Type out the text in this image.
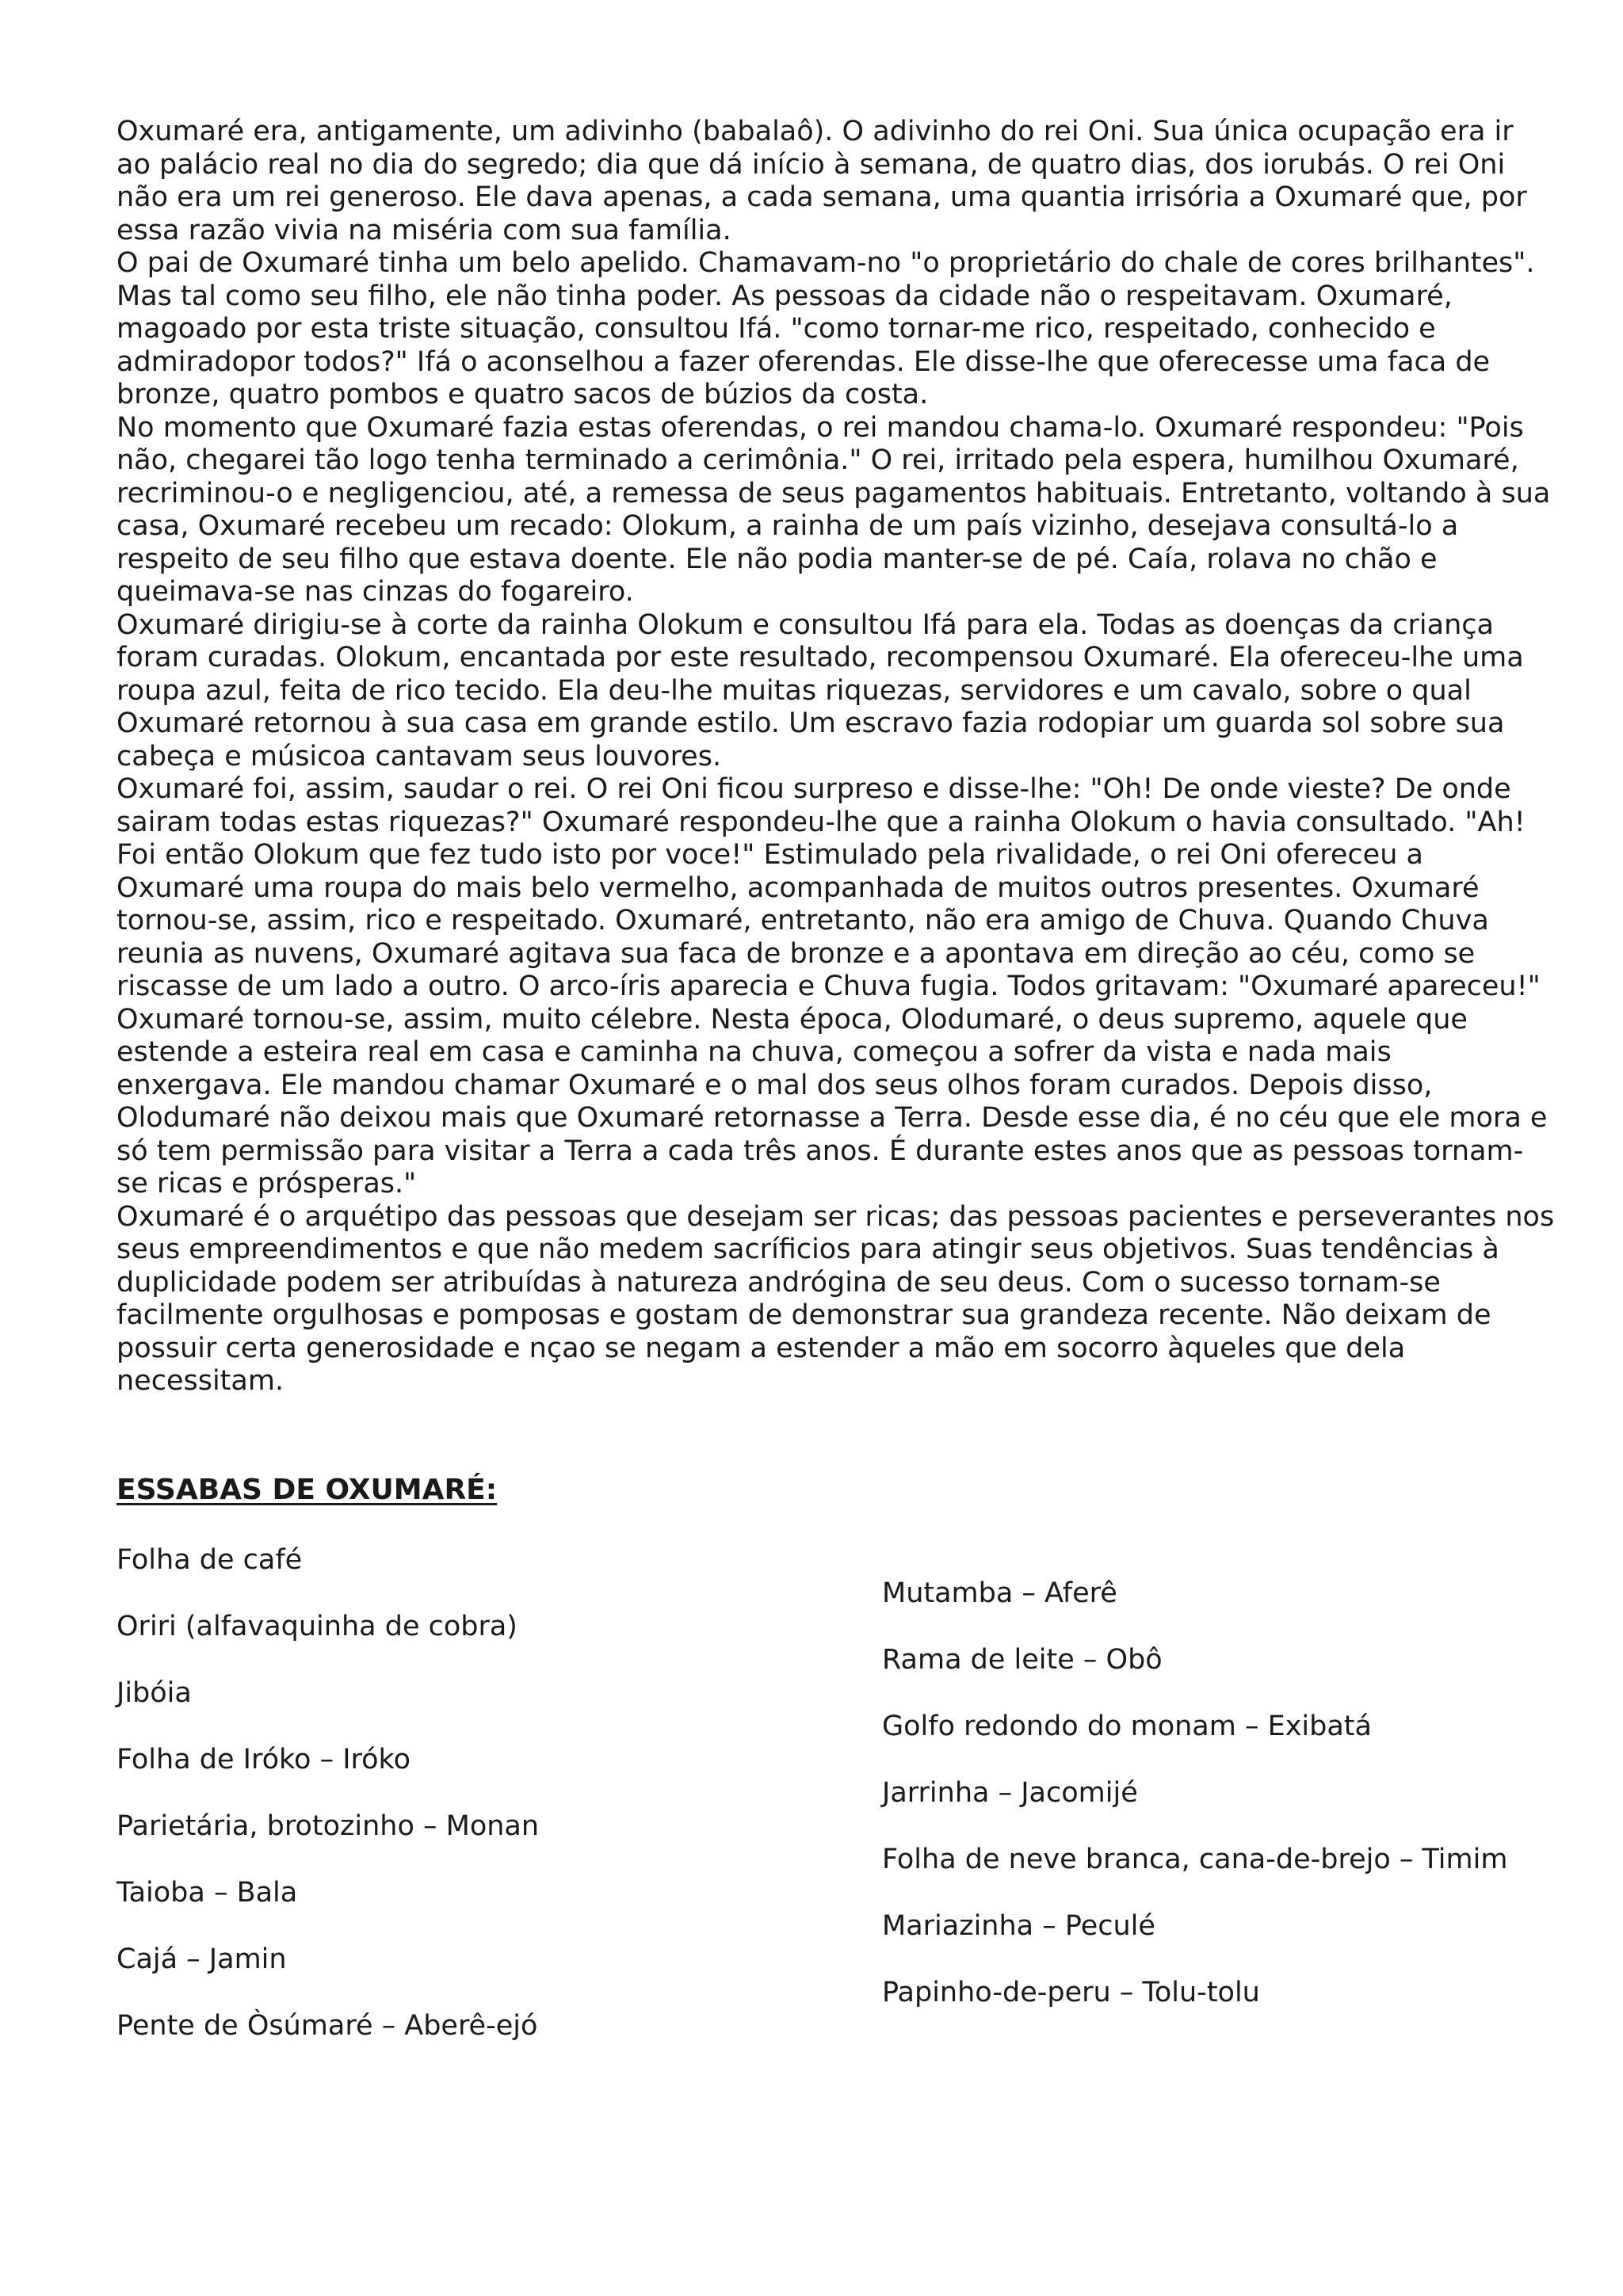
Oxumaré era, antigamente, um adivinho (babalaô). O adivinho do rei Oni. Sua única ocupação era ir ao palácio real no dia do segredo; dia que dá início à semana, de quatro dias, dos iorubás. O rei Oni não era um rei generoso. Ele dava apenas, a cada semana, uma quantia irrisória a Oxumaré que, por essa razão vivia na miséria com sua família.
O pai de Oxumaré tinha um belo apelido. Chamavam-no "o proprietário do chale de cores brilhantes". Mas tal como seu filho, ele não tinha poder. As pessoas da cidade não o respeitavam. Oxumaré, magoado por esta triste situação, consultou Ifá. "como tornar-me rico, respeitado, conhecido e admiradopor todos?" Ifá o aconselhou a fazer oferendas. Ele disse-lhe que oferecesse uma faca de bronze, quatro pombos e quatro sacos de búzios da costa.
No momento que Oxumaré fazia estas oferendas, o rei mandou chama-lo. Oxumaré respondeu: "Pois não, chegarei tão logo tenha terminado a cerimônia." O rei, irritado pela espera, humilhou Oxumaré, recriminou-o e negligenciou, até, a remessa de seus pagamentos habituais. Entretanto, voltando à sua casa, Oxumaré recebeu um recado: Olokum, a rainha de um país vizinho, desejava consultá-lo a respeito de seu filho que estava doente. Ele não podia manter-se de pé. Caía, rolava no chão e queimava-se nas cinzas do fogareiro.
Oxumaré dirigiu-se à corte da rainha Olokum e consultou Ifá para ela. Todas as doenças da criança foram curadas. Olokum, encantada por este resultado, recompensou Oxumaré. Ela ofereceu-lhe uma roupa azul, feita de rico tecido. Ela deu-lhe muitas riquezas, servidores e um cavalo, sobre o qual Oxumaré retornou à sua casa em grande estilo. Um escravo fazia rodopiar um guarda sol sobre sua cabeça e músicoa cantavam seus louvores.
Oxumaré foi, assim, saudar o rei. O rei Oni ficou surpreso e disse-lhe: "Oh! De onde vieste? De onde sairam todas estas riquezas?" Oxumaré respondeu-lhe que a rainha Olokum o havia consultado. "Ah! Foi então Olokum que fez tudo isto por voce!" Estimulado pela rivalidade, o rei Oni ofereceu a Oxumaré uma roupa do mais belo vermelho, acompanhada de muitos outros presentes. Oxumaré tornou-se, assim, rico e respeitado. Oxumaré, entretanto, não era amigo de Chuva. Quando Chuva reunia as nuvens, Oxumaré agitava sua faca de bronze e a apontava em direção ao céu, como se riscasse de um lado a outro. O arco-íris aparecia e Chuva fugia. Todos gritavam: "Oxumaré apareceu!" Oxumaré tornou-se, assim, muito célebre. Nesta época, Olodumaré, o deus supremo, aquele que estende a esteira real em casa e caminha na chuva, começou a sofrer da vista e nada mais enxergava. Ele mandou chamar Oxumaré e o mal dos seus olhos foram curados. Depois disso, Olodumaré não deixou mais que Oxumaré retornasse a Terra. Desde esse dia, é no céu que ele mora e só tem permissão para visitar a Terra a cada três anos. É durante estes anos que as pessoas tornam-se ricas e prósperas."
Oxumaré é o arquétipo das pessoas que desejam ser ricas; das pessoas pacientes e perseverantes nos seus empreendimentos e que não medem sacríficios para atingir seus objetivos. Suas tendências à duplicidade podem ser atribuídas à natureza andrógina de seu deus. Com o sucesso tornam-se facilmente orgulhosas e pomposas e gostam de demonstrar sua grandeza recente. Não deixam de possuir certa generosidade e nçao se negam a estender a mão em socorro àqueles que dela necessitam.

ESSABAS DE OXUMARÉ:
Folha de café
Oriri (alfavaquinha de cobra)
Jibóia
Folha de Iróko – Iróko
Parietária, brotozinho – Monan
Taioba – Bala
Cajá – Jamin
Pente de Òsúmaré – Aberê-ejó
Mutamba – Aferê
Rama de leite – Obô
Golfo redondo do monam – Exibatá
Jarrinha – Jacomijé
Folha de neve branca, cana-de-brejo – Timim
Mariazinha – Peculé
Papinho-de-peru – Tolu-tolu
